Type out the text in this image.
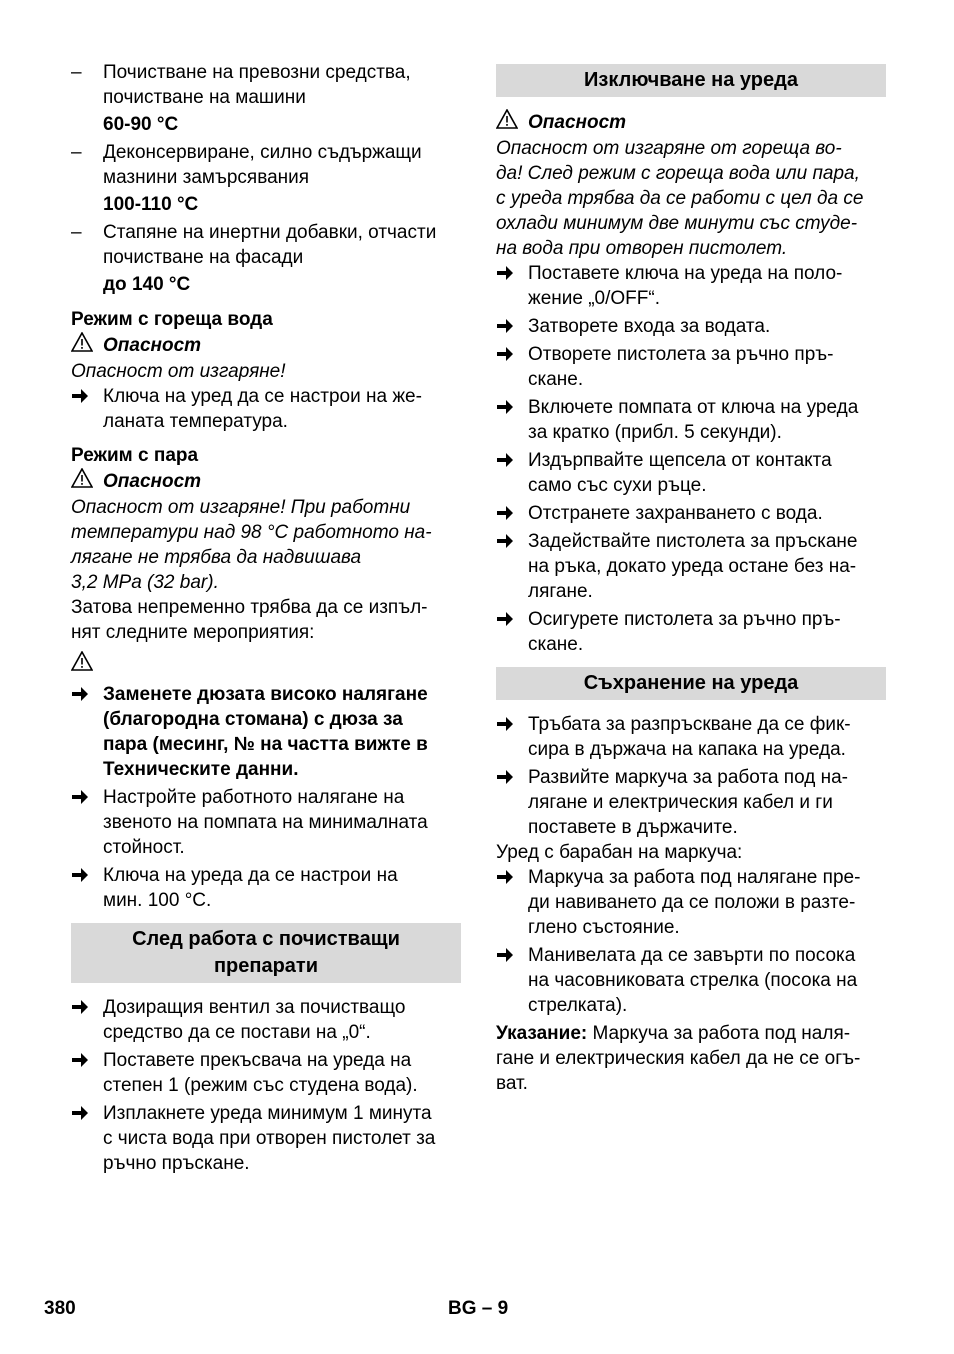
–	Почистване на превозни средства,
почистване на машини
60-90 °C
–	Деконсервиране, силно съдържащи
мазнини замърсявания
100-110 °C
–	Стапяне на инертни добавки, отчасти
почистване на фасади
до 140 °C
Режим с гореща вода
Опасност
Опасност от изгаряне!
Ключа на уред да се настрои на же-
ланата температура.
Режим с пара
Опасност
Опасност от изгаряне! При работни
температури над 98 °C работното на-
лягане не трябва да надвишава
3,2 MPa (32 bar).
Затова непременно трябва да се изпъл-
нят следните мероприятия:
Заменете дюзата високо налягане
(благородна стомана) с дюза за
пара (месинг, № на частта вижте в
Техническите данни.
Настройте работното налягане на
звеното на помпата на минималната
стойност.
Ключа на уреда да се настрои на
мин. 100 °C.
След работа с почистващи
препарати
Дозиращия вентил за почистващо
средство да се постави на „0“.
Поставете прекъсвача на уреда на
степен 1 (режим със студена вода).
Изплакнете уреда минимум 1 минута
с чиста вода при отворен пистолет за
ръчно пръскане.
Изключване на уреда
Опасност
Опасност от изгаряне от гореща во-
да! След режим с гореща вода или пара,
с уреда трябва да се работи с цел да се
охлади минимум две минути със студе-
на вода при отворен пистолет.
Поставете ключа на уреда на поло-
жение „0/OFF“.
Затворете входа за водата.
Отворете пистолета за ръчно пръ-
скане.
Включете помпата от ключа на уреда
за кратко (прибл. 5 секунди).
Издърпвайте щепсела от контакта
само със сухи ръце.
Отстранете захранването с вода.
Задействайте пистолета за пръскане
на ръка, докато уреда остане без на-
лягане.
Осигурете пистолета за ръчно пръ-
скане.
Съхранение на уреда
Тръбата за разпръскване да се фик-
сира в държача на капака на уреда.
Развийте маркуча за работа под на-
лягане и електрическия кабел и ги
поставете в държачите.
Уред с барабан на маркуча:
Маркуча за работа под налягане пре-
ди навиването да се положи в разте-
глено състояние.
Манивелата да се завърти по посока
на часовниковата стрелка (посока на
стрелката).
Указание: Маркуча за работа под наля-
гане и електрическия кабел да не се огъ-
ват.
380	BG – 9
